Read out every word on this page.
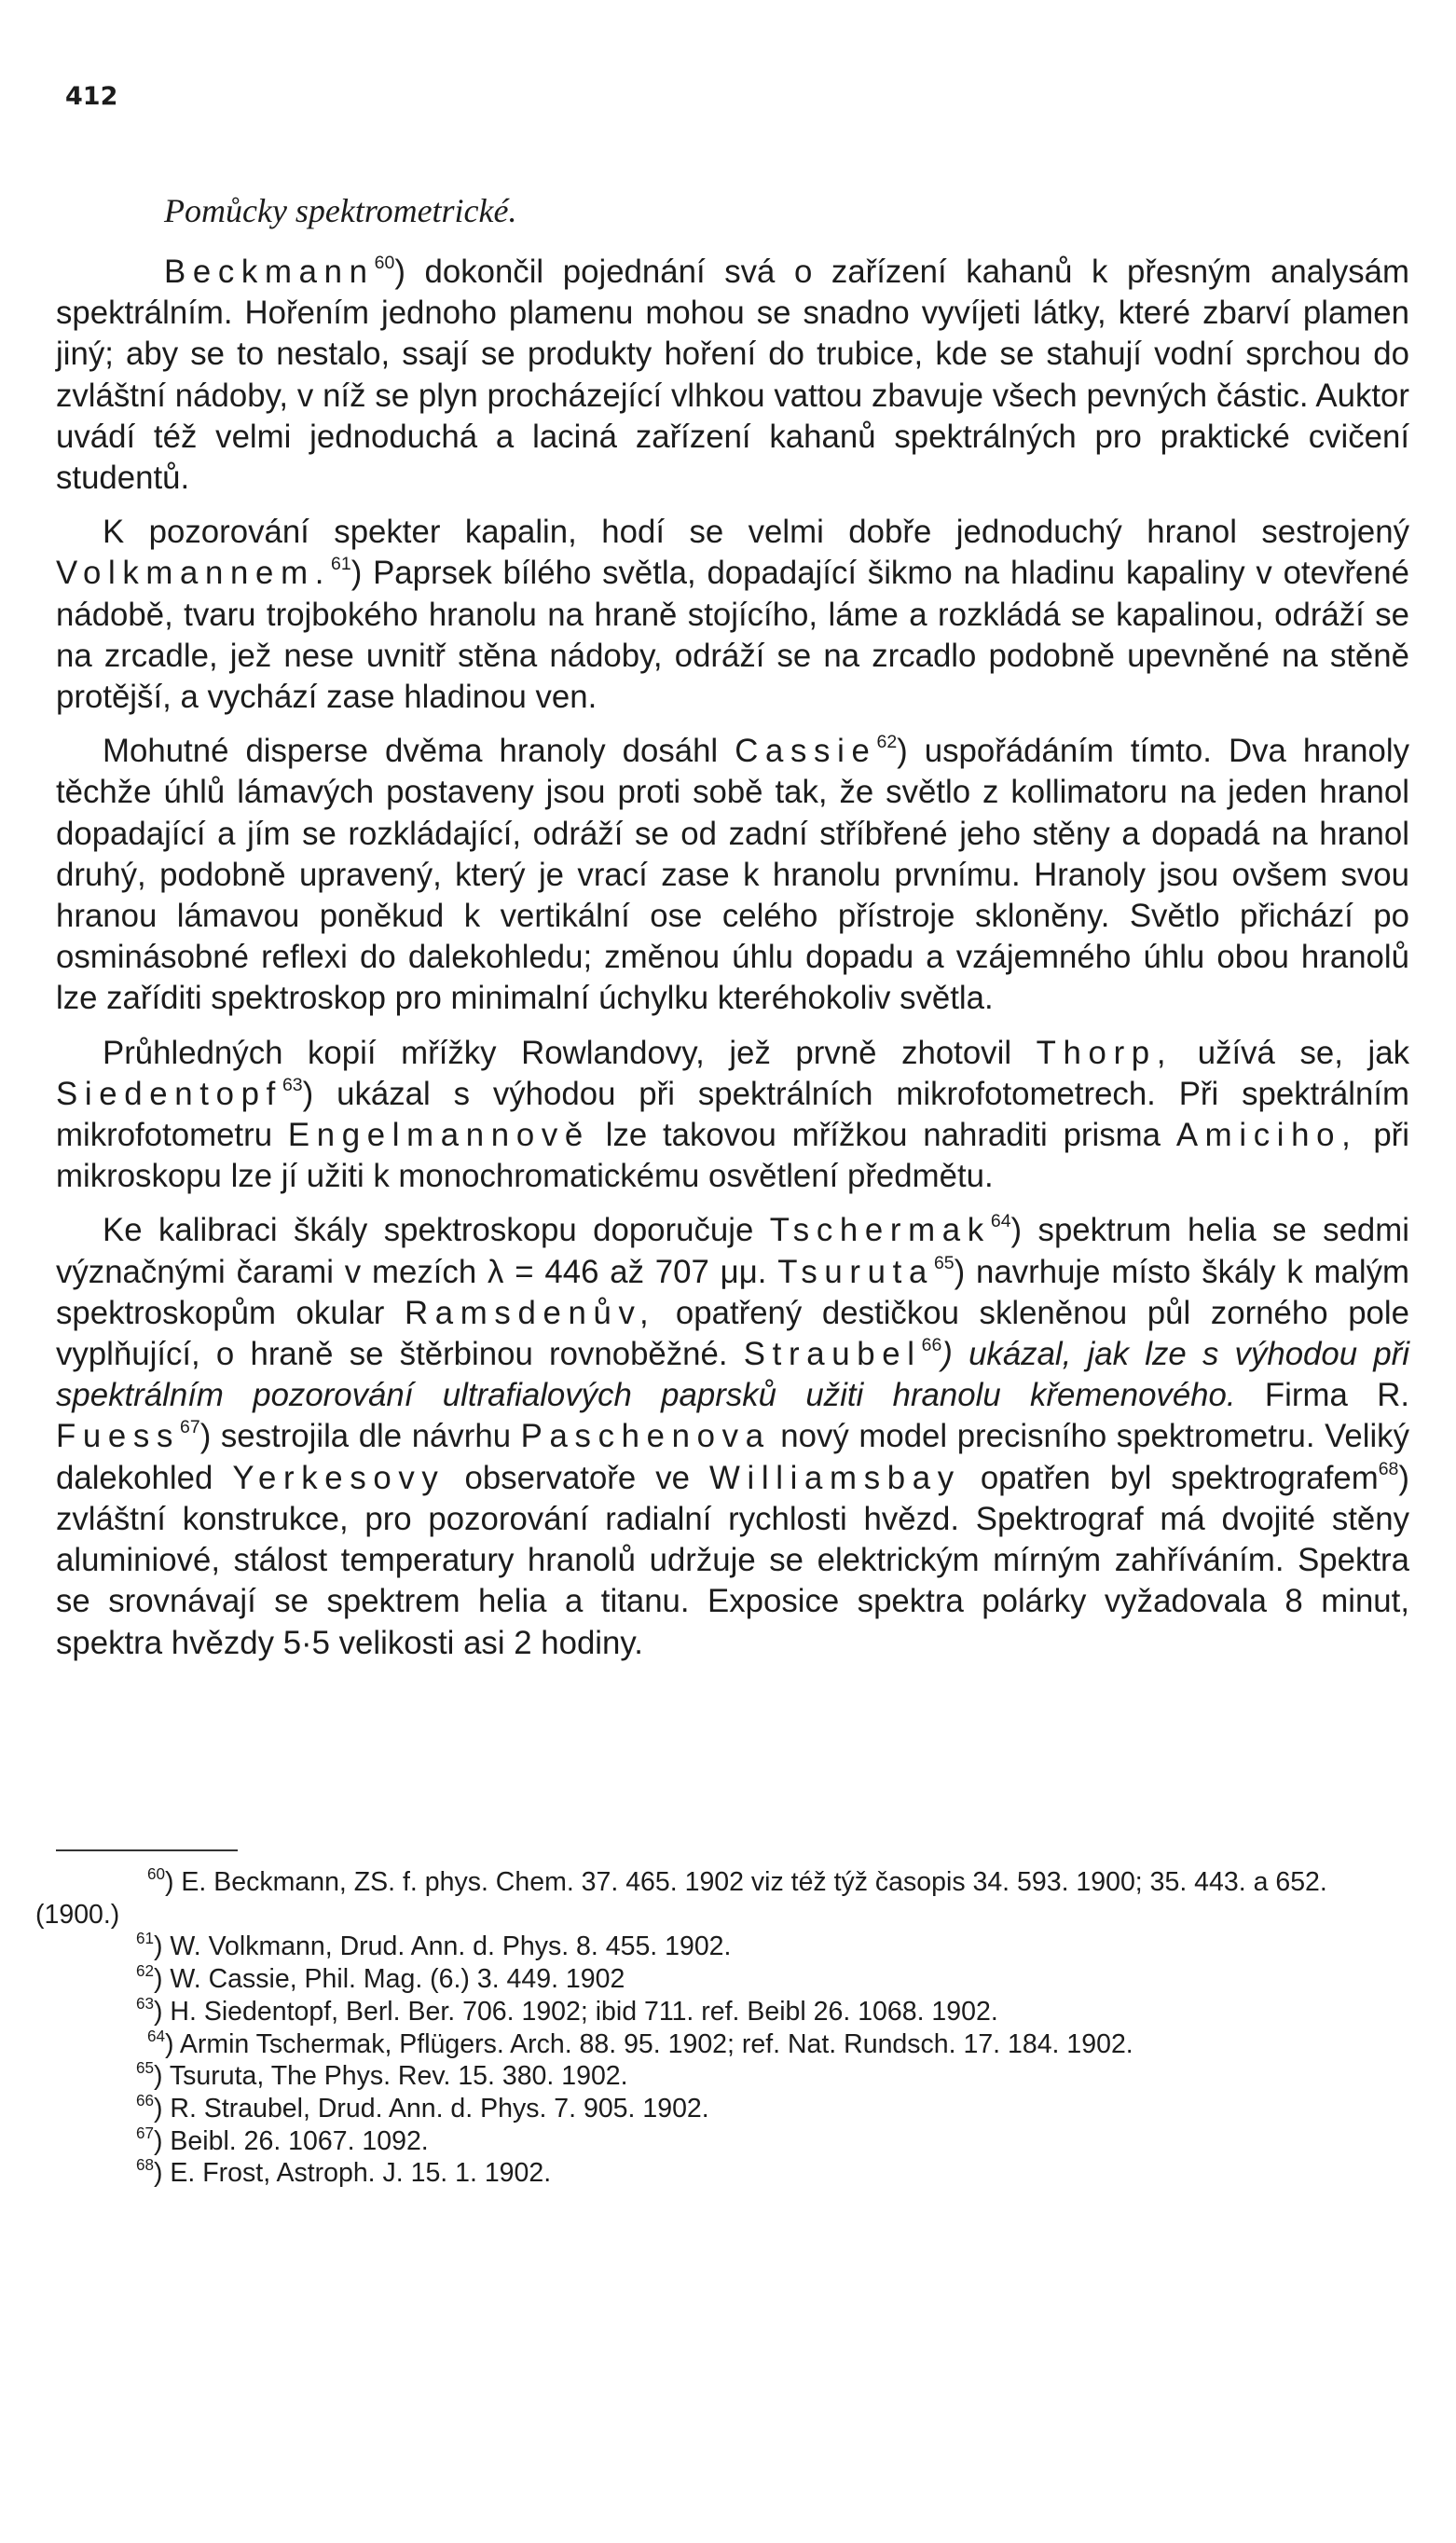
412
Pomůcky spektrometrické.

Beckmann$^{60}$) dokončil pojednání svá o zařízení kahanů k přesným analysám spektrálním. Hořením jednoho plamenu mohou se snadno vyvíjeti látky, které zbarví plamen jiný; aby se to nestalo, ssají se produkty hoření do trubice, kde se stahují vodní sprchou do zvláštní nádoby, v níž se plyn procházející vlhkou vattou zbavuje všech pevných částic. Auktor uvádí též velmi jednoduchá a laciná zařízení kahanů spektrálných pro praktické cvičení studentů.

K pozorování spekter kapalin, hodí se velmi dobře jednoduchý hranol sestrojený Volkmannem.$^{61}$) Paprsek bílého světla, dopadající šikmo na hladinu kapaliny v otevřené nádobě, tvaru trojbokého hranolu na hraně stojícího, láme a rozkládá se kapalinou, odráží se na zrcadle, jež nese uvnitř stěna nádoby, odráží se na zrcadlo podobně upevněné na stěně protější, a vychází zase hladinou ven.

Mohutné disperse dvěma hranoly dosáhl Cassie$^{62}$) uspořádáním tímto. Dva hranoly těchže úhlů lámavých postaveny jsou proti sobě tak, že světlo z kollimatoru na jeden hranol dopadající a jím se rozkládající, odráží se od zadní stříbřené jeho stěny a dopadá na hranol druhý, podobně upravený, který je vrací zase k hranolu prvnímu. Hranoly jsou ovšem svou hranou lámavou poněkud k vertikální ose celého přístroje skloněny. Světlo přichází po osminásobné reflexi do dalekohledu; změnou úhlu dopadu a vzájemného úhlu obou hranolů lze zaříditi spektroskop pro minimalní úchylku kteréhokoliv světla.

Průhledných kopií mřížky Rowlandovy, jež prvně zhotovil Thorp, užívá se, jak Siedentopf$^{63}$) ukázal s výhodou při spektrálních mikrofotometrech. Při spektrálním mikrofotometru Engelmannově lze takovou mřížkou nahraditi prisma Amiciho, při mikroskopu lze jí užiti k monochromatickému osvětlení předmětu.

Ke kalibraci škály spektroskopu doporučuje Tschermak$^{64}$) spektrum helia se sedmi význačnými čarami v mezích λ = 446 až 707 μμ. Tsuruta$^{65}$) navrhuje místo škály k malým spektroskopům okular Ramsdenův, opatřený destičkou skleněnou půl zorného pole vyplňující, o hraně se štěrbinou rovnoběžné. Straubel$^{66}$) ukázal, jak lze s výhodou při spektrálním pozorování ultrafialových paprsků užiti hranolu křemenového. Firma R. Fuess$^{67}$) sestrojila dle návrhu Paschenova nový model precisního spektrometru. Veliký dalekohled Yerkesovy observatoře ve Williamsbay opatřen byl spektrografem$^{68}$) zvláštní konstrukce, pro pozorování radialní rychlosti hvězd. Spektrograf má dvojité stěny aluminiové, stálost temperatury hranolů udržuje se elektrickým mírným zahříváním. Spektra se srovnávají se spektrem helia a titanu. Exposice spektra polárky vyžadovala 8 minut, spektra hvězdy 5·5 velikosti asi 2 hodiny.

$^{60}$) E. Beckmann, ZS. f. phys. Chem. 37. 465. 1902 viz též týž časopis 34. 593. 1900; 35. 443. a 652. (1900.)
$^{61}$) W. Volkmann, Drud. Ann. d. Phys. 8. 455. 1902.
$^{62}$) W. Cassie, Phil. Mag. (6.) 3. 449. 1902
$^{63}$) H. Siedentopf, Berl. Ber. 706. 1902; ibid 711. ref. Beibl 26. 1068. 1902.
$^{64}$) Armin Tschermak, Pflügers. Arch. 88. 95. 1902; ref. Nat. Rundsch. 17. 184. 1902.
$^{65}$) Tsuruta, The Phys. Rev. 15. 380. 1902.
$^{66}$) R. Straubel, Drud. Ann. d. Phys. 7. 905. 1902.
$^{67}$) Beibl. 26. 1067. 1092.
$^{68}$) E. Frost, Astroph. J. 15. 1. 1902.
